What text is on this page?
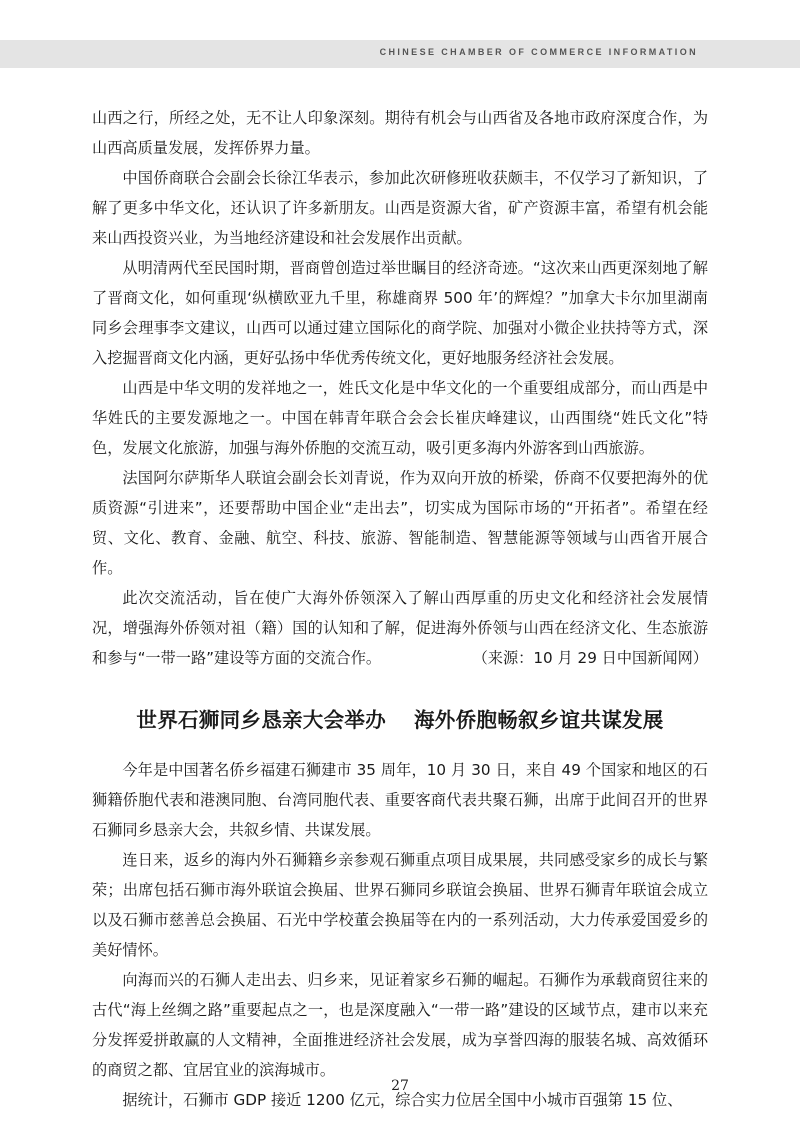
CHINESE CHAMBER OF COMMERCE INFORMATION

山西之行，所经之处，无不让人印象深刻。期待有机会与山西省及各地市政府深度合作，为山西高质量发展，发挥侨界力量。

中国侨商联合会副会长徐江华表示，参加此次研修班收获颇丰，不仅学习了新知识，了解了更多中华文化，还认识了许多新朋友。山西是资源大省，矿产资源丰富，希望有机会能来山西投资兴业，为当地经济建设和社会发展作出贡献。

从明清两代至民国时期，晋商曾创造过举世瞩目的经济奇迹。“这次来山西更深刻地了解了晋商文化，如何重现‘纵横欧亚九千里，称雄商界 500 年’的辉煌？”加拿大卡尔加里湖南同乡会理事李文建议，山西可以通过建立国际化的商学院、加强对小微企业扶持等方式，深入挖掘晋商文化内涵，更好弘扬中华优秀传统文化，更好地服务经济社会发展。

山西是中华文明的发祥地之一，姓氏文化是中华文化的一个重要组成部分，而山西是中华姓氏的主要发源地之一。中国在韩青年联合会会长崔庆峰建议，山西围绕“姓氏文化”特色，发展文化旅游，加强与海外侨胞的交流互动，吸引更多海内外游客到山西旅游。

法国阿尔萨斯华人联谊会副会长刘青说，作为双向开放的桥梁，侨商不仅要把海外的优质资源“引进来”，还要帮助中国企业“走出去”，切实成为国际市场的“开拓者”。希望在经贸、文化、教育、金融、航空、科技、旅游、智能制造、智慧能源等领域与山西省开展合作。

此次交流活动，旨在使广大海外侨领深入了解山西厚重的历史文化和经济社会发展情况，增强海外侨领对祖（籍）国的认知和了解，促进海外侨领与山西在经济文化、生态旅游和参与“一带一路”建设等方面的交流合作。	（来源：10 月 29 日中国新闻网）

世界石狮同乡恳亲大会举办 海外侨胞畅叙乡谊共谋发展

今年是中国著名侨乡福建石狮建市 35 周年，10 月 30 日，来自 49 个国家和地区的石狮籍侨胞代表和港澳同胞、台湾同胞代表、重要客商代表共聚石狮，出席于此间召开的世界石狮同乡恳亲大会，共叙乡情、共谋发展。

连日来，返乡的海内外石狮籍乡亲参观石狮重点项目成果展，共同感受家乡的成长与繁荣；出席包括石狮市海外联谊会换届、世界石狮同乡联谊会换届、世界石狮青年联谊会成立以及石狮市慈善总会换届、石光中学校董会换届等在内的一系列活动，大力传承爱国爱乡的美好情怀。

向海而兴的石狮人走出去、归乡来，见证着家乡石狮的崛起。石狮作为承载商贸往来的古代“海上丝绸之路”重要起点之一，也是深度融入“一带一路”建设的区域节点，建市以来充分发挥爱拼敢赢的人文精神，全面推进经济社会发展，成为享誉四海的服装名城、高效循环的商贸之都、宜居宜业的滨海城市。

据统计，石狮市 GDP 接近 1200 亿元，综合实力位居全国中小城市百强第 15 位、

27
